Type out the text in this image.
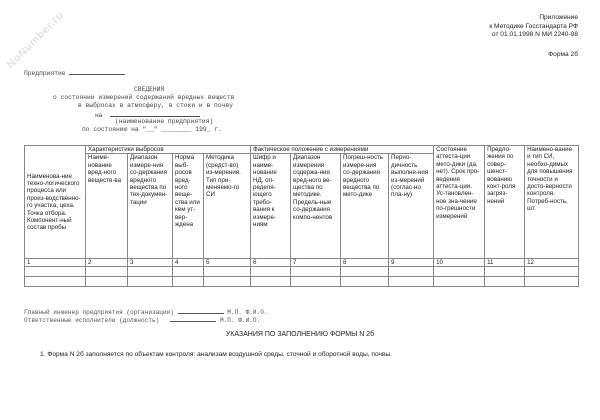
NoNumber.ru	Приложение
к Методике Госстандарта РФ
от 01.01.1998 N МИ 2240-98
Форма 2б
Предприятие
СВЕДЕНИЯ
о состоянии измерений содержаний вредных веществ
в выбросах в атмосферу, в стоки и в почву
на
(наименование предприятия)
по состоянию на "__" ________ 199_ г.
Наименова-ние техно-логического процесса или произ-водственно-го участка, цеха. Точка отбора. Компонент-ный состав пробы	Характеристики выбросов				Фактическое положение с измерениями				Состояние аттеста-ции мето-дики (да, нет). Срок про-ведения аттеста-ции. Ус-тановлен-ное зна-чение по-грешности измерений	Предло-жения по совер-шенст-вованию конт-роля загряз-нений	Наимено-вание и тип СИ, необхо-димых для повышения точности и досто-верности контроля. Потреб-ность, шт.
	Наиме-нование вред-ного веществ-ва	Диапазон измере-ния со-держания вредного вещества по тех-докумен-тации	Норма выб-росов вред-ного веще-ства или кем ут-вер-ждена	Методика (средст-во) из-мерения. Тип при-меняемо-го СИ	Шифр и наиме-нование НД, оп-ределя-ющего требо-вания к измере-ниям	Диапазон измерения содержа-ния вред-ного ве-щества по методике. Предель-ные со-держания компо-нентов	Погреш-ность измере-ния со-держания вредного вещества по мето-дике	Перио-дичность выполне-ния из-мерений (соглас-но пла-ну)			
1	2	3	4	5	6	7	8	9	10	11	12

Главный инженер предприятия (организации)	М.П. Ф.И.О.
Ответственные исполнители (должность)	М.П. Ф.И.О.
УКАЗАНИЯ ПО ЗАПОЛНЕНИЮ ФОРМЫ N 2б
1. Форма N 2б заполняется по объектам контроля: анализам воздушной среды, сточной и оборотной воды, почвы.
